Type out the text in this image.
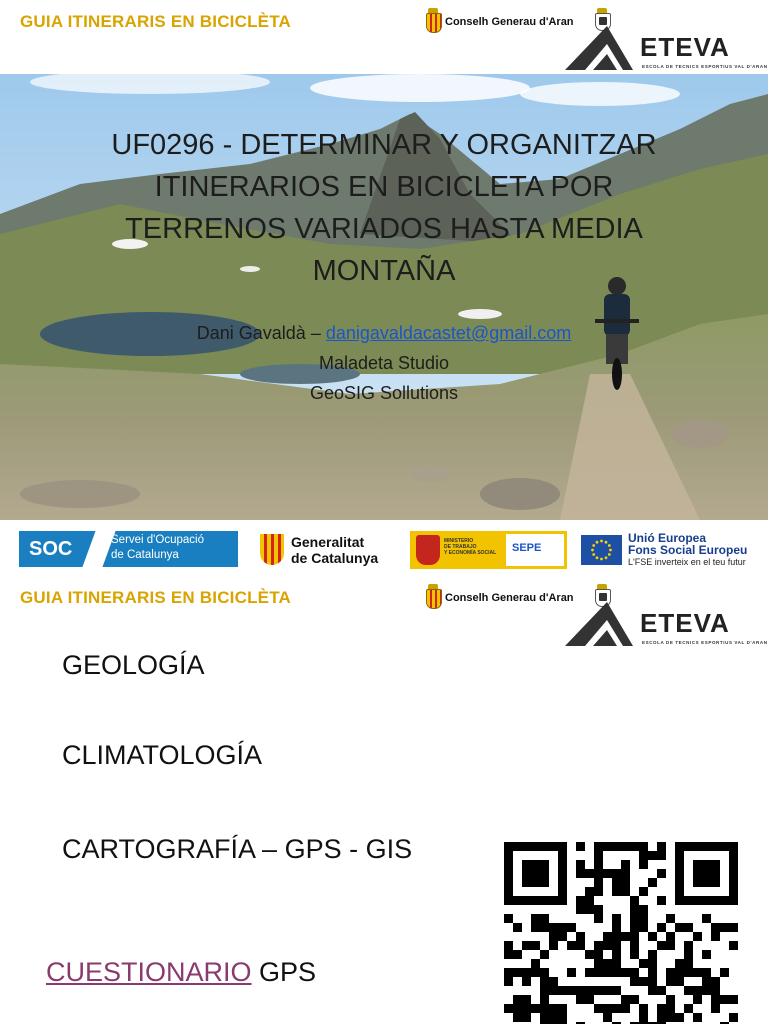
GUIA ITINERARIS EN BICICLÈTA	Conselh Generau d'Aran
ETEVA
ESCOLA DE TECNICS ESPORTIUS VAL D'ARAN
UF0296 - DETERMINAR Y ORGANITZAR ITINERARIOS EN BICICLETA POR TERRENOS VARIADOS HASTA MEDIA MONTAÑA
Dani Gavaldà – danigavaldacastet@gmail.com
Maladeta Studio
GeoSIG Sollutions
SOC	Servei d'Ocupació
de Catalunya
Generalitat
de Catalunya
MINISTERIO
DE TRABAJO
Y ECONOMÍA SOCIAL SEPE
Unió Europea
Fons Social Europeu
L'FSE inverteix en el teu futur
GUIA ITINERARIS EN BICICLÈTA	Conselh Generau d'Aran
ETEVA
ESCOLA DE TECNICS ESPORTIUS VAL D'ARAN
GEOLOGÍA
CLIMATOLOGÍA
CARTOGRAFÍA – GPS - GIS
CUESTIONARIO GPS
